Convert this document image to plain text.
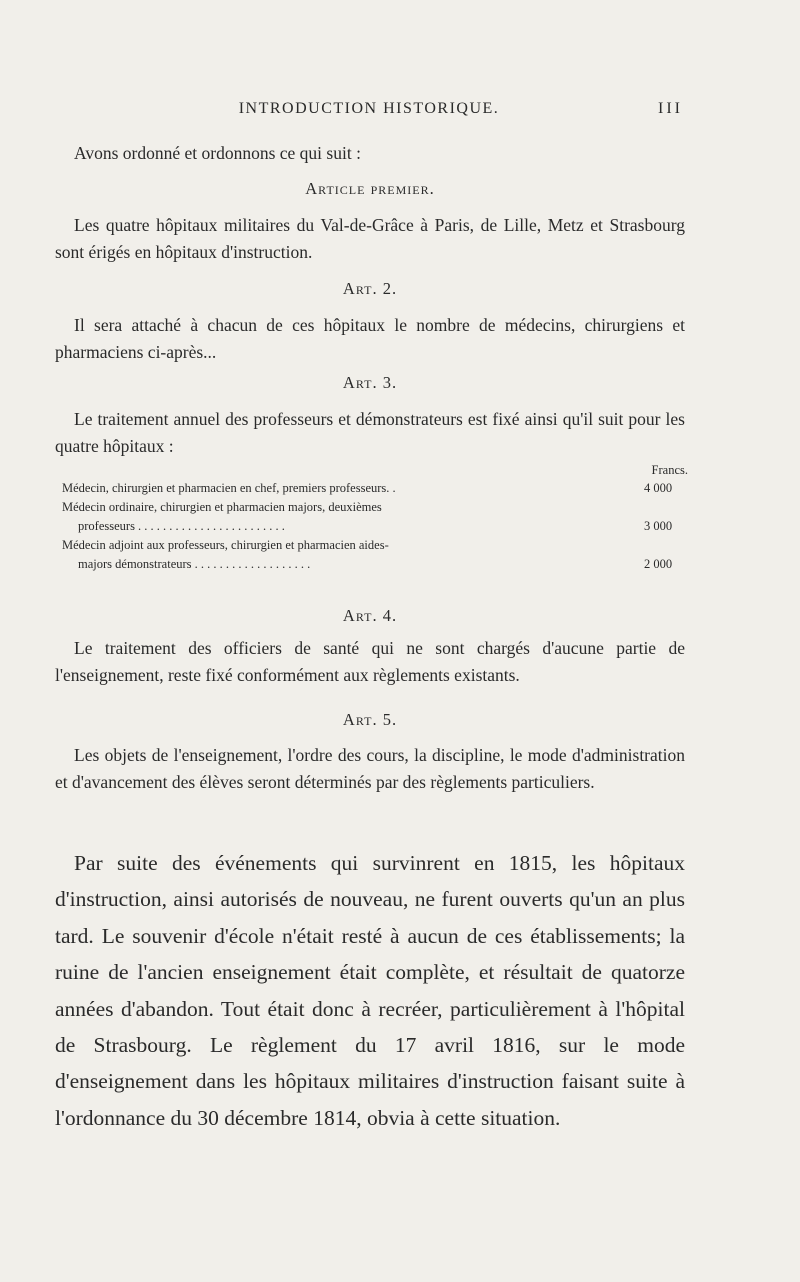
INTRODUCTION HISTORIQUE.	III

Avons ordonné et ordonnons ce qui suit :

Article premier.

Les quatre hôpitaux militaires du Val-de-Grâce à Paris, de Lille, Metz et Strasbourg sont érigés en hôpitaux d'instruction.

Art. 2.

Il sera attaché à chacun de ces hôpitaux le nombre de médecins, chirurgiens et pharmaciens ci-après...

Art. 3.

Le traitement annuel des professeurs et démonstrateurs est fixé ainsi qu'il suit pour les quatre hôpitaux :

Francs.
Médecin, chirurgien et pharmacien en chef, premiers professeurs. .	4 000
Médecin ordinaire, chirurgien et pharmacien majors, deuxièmes
professeurs . . . . . . . . . . . . . . . . . . . . . . . .	3 000
Médecin adjoint aux professeurs, chirurgien et pharmacien aides-
majors démonstrateurs . . . . . . . . . . . . . . . . . . .	2 000
Art. 4.

Le traitement des officiers de santé qui ne sont chargés d'aucune partie de l'enseignement, reste fixé conformément aux règlements existants.

Art. 5.

Les objets de l'enseignement, l'ordre des cours, la discipline, le mode d'administration et d'avancement des élèves seront déterminés par des règlements particuliers.

Par suite des événements qui survinrent en 1815, les hôpitaux d'instruction, ainsi autorisés de nouveau, ne furent ouverts qu'un an plus tard. Le souvenir d'école n'était resté à aucun de ces établissements; la ruine de l'ancien enseignement était complète, et résultait de quatorze années d'abandon. Tout était donc à recréer, particulièrement à l'hôpital de Strasbourg. Le règlement du 17 avril 1816, sur le mode d'enseignement dans les hôpitaux militaires d'instruction faisant suite à l'ordonnance du 30 décembre 1814, obvia à cette situation.
